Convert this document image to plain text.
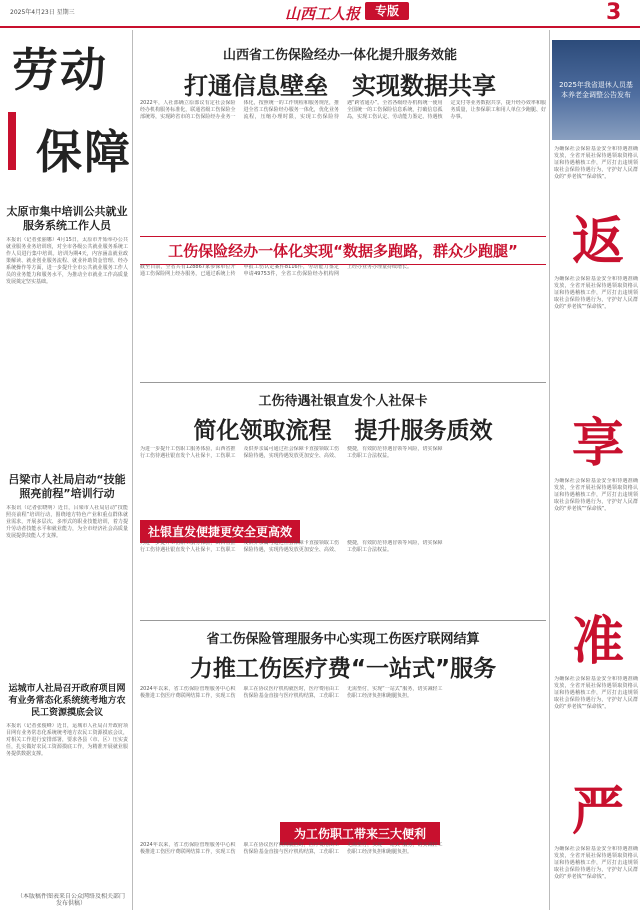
2025年4月23日 星期三	山西工人报	专版	3
劳动
保障
太原市集中培训公共就业服务系统工作人员
本报讯（记者张丽娜）4月15日，太原市开始举办公共就业服务业务培训班，对全市各级公共就业服务系统工作人员进行集中培训。培训为期4天，内容涵盖就业政策解读、就业创业服务流程、就业补助资金管理、经办系统操作等方面，进一步提升全市公共就业服务工作人员的业务能力和服务水平，为推动全市就业工作高质量发展奠定坚实基础。
吕梁市人社局启动“技能照亮前程”培训行动
本报讯（记者张晓明）近日，吕梁市人社局启动“技能照亮前程”培训行动，围绕地方特色产业和重点群体就业需求，开展多层次、多形式的职业技能培训，着力提升劳动者技能水平和就业能力，为全市经济社会高质量发展提供技能人才支撑。
运城市人社局召开政府项目网有业务常态化系统统考地方农民工资源摸底会议
本报讯（记者张俊峰）近日，运城市人社局召开政府项目网有业务常态化系统统考地方农民工资源摸底会议，对相关工作进行安排部署，要求各县（市、区）压实责任，扎实做好农民工资源摸底工作，为精准开展就业服务提供数据支撑。
（本版稿件图表来自公众网络及相关部门发布供稿）
山西省工伤保险经办一体化提升服务效能
打通信息壁垒　实现数据共享
2022年，人社部确立原部议有定社会保险经办机构服务标准化，联通省级工伤保险全部统筹，实现跨省市的工伤保险经办业务一体化，按照统一的工作规程和服务规范，推进全省工伤保险经办服务一体化，优化业务流程，压缩办理时限，实现工伤保险待遇“跨省通办”。全省各级经办机构统一使用全国统一的工伤保险信息系统，打破信息孤岛，实现工伤认定、劳动能力鉴定、待遇核定支付等业务数据共享，提升经办效率和服务质量，让参保职工和用人单位少跑腿、好办事。
工伤保险经办一体化实现“数据多跑路，群众少跑腿”
截至目前，全省共有128867家参保单位开通工伤保险网上经办服务，已通过系统上传申报工伤认定案件8116件，劳动能力鉴定申请49753件，全省工伤保险经办机构网上经办业务办理量持续增长。
工伤待遇社银直发个人社保卡
简化领取流程　提升服务质效
为进一步提升工伤职工服务体验，山西省推行工伤待遇社银直发个人社保卡，工伤职工及供养亲属可通过社会保障卡直接领取工伤保险待遇，实现待遇发放更加安全、高效、便捷，有效防范待遇冒领等风险，切实保障工伤职工合法权益。
社银直发便捷更安全更高效
为进一步提升工伤职工服务体验，山西省推行工伤待遇社银直发个人社保卡，工伤职工及供养亲属可通过社会保障卡直接领取工伤保险待遇，实现待遇发放更加安全、高效、便捷，有效防范待遇冒领等风险，切实保障工伤职工合法权益。
省工伤保险管理服务中心实现工伤医疗联网结算
力推工伤医疗费“一站式”服务
2024年以来，省工伤保险管理服务中心积极推进工伤医疗费联网结算工作，实现工伤职工在协议医疗机构就医时，医疗费用由工伤保险基金直接与医疗机构结算，工伤职工无需垫付，实现“一站式”服务，切实减轻工伤职工经济负担和跑腿负担。
为工伤职工带来三大便利
2024年以来，省工伤保险管理服务中心积极推进工伤医疗费联网结算工作，实现工伤职工在协议医疗机构就医时，医疗费用由工伤保险基金直接与医疗机构结算，工伤职工无需垫付，实现“一站式”服务，切实减轻工伤职工经济负担和跑腿负担。
2025年我省退休人员基本养老金调整公告发布
为确保社会保险基金安全和待遇准确发放，全省开展社保待遇领取资格认证和待遇稽核工作，严厉打击违规领取社会保险待遇行为，守护好人民群众的“养老钱”“保命钱”。
返
为确保社会保险基金安全和待遇准确发放，全省开展社保待遇领取资格认证和待遇稽核工作，严厉打击违规领取社会保险待遇行为，守护好人民群众的“养老钱”“保命钱”。
享
为确保社会保险基金安全和待遇准确发放，全省开展社保待遇领取资格认证和待遇稽核工作，严厉打击违规领取社会保险待遇行为，守护好人民群众的“养老钱”“保命钱”。
准
为确保社会保险基金安全和待遇准确发放，全省开展社保待遇领取资格认证和待遇稽核工作，严厉打击违规领取社会保险待遇行为，守护好人民群众的“养老钱”“保命钱”。
严
为确保社会保险基金安全和待遇准确发放，全省开展社保待遇领取资格认证和待遇稽核工作，严厉打击违规领取社会保险待遇行为，守护好人民群众的“养老钱”“保命钱”。
